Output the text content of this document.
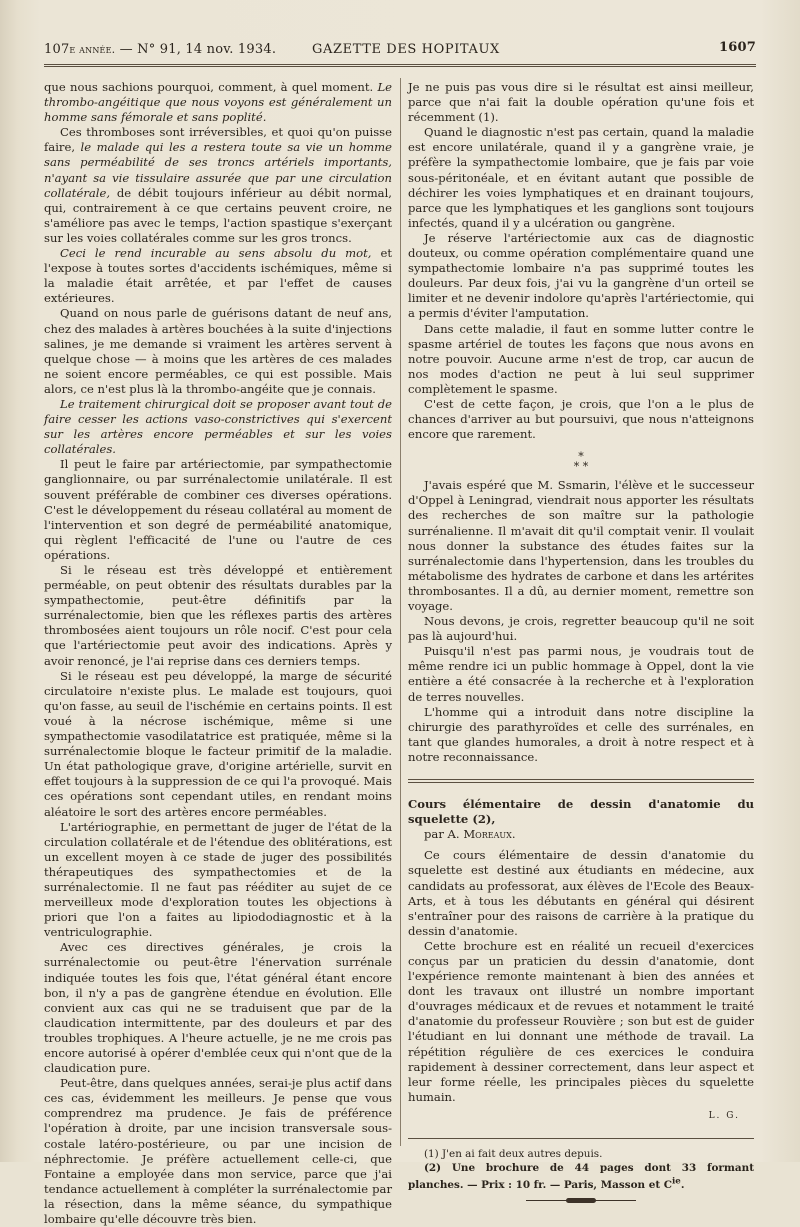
107e année. — N° 91, 14 nov. 1934.	GAZETTE DES HOPITAUX	1607

que nous sachions pourquoi, comment, à quel moment. Le thrombo-angéitique que nous voyons est généralement un homme sans fémorale et sans poplité.

Ces thromboses sont irréversibles, et quoi qu'on puisse faire, le malade qui les a restera toute sa vie un homme sans perméabilité de ses troncs artériels importants, n'ayant sa vie tissulaire assurée que par une circulation collatérale, de débit toujours inférieur au débit normal, qui, contrairement à ce que certains peuvent croire, ne s'améliore pas avec le temps, l'action spastique s'exerçant sur les voies collatérales comme sur les gros troncs.

Ceci le rend incurable au sens absolu du mot, et l'expose à toutes sortes d'accidents ischémiques, même si la maladie était arrêtée, et par l'effet de causes extérieures.

Quand on nous parle de guérisons datant de neuf ans, chez des malades à artères bouchées à la suite d'injections salines, je me demande si vraiment les artères servent à quelque chose — à moins que les artères de ces malades ne soient encore perméables, ce qui est possible. Mais alors, ce n'est plus là la thrombo-angéite que je connais.

Le traitement chirurgical doit se proposer avant tout de faire cesser les actions vaso-constrictives qui s'exercent sur les artères encore perméables et sur les voies collatérales.

Il peut le faire par artériectomie, par sympathectomie ganglionnaire, ou par surrénalectomie unilatérale. Il est souvent préférable de combiner ces diverses opérations. C'est le développement du réseau collatéral au moment de l'intervention et son degré de perméabilité anatomique, qui règlent l'efficacité de l'une ou l'autre de ces opérations.

Si le réseau est très développé et entièrement perméable, on peut obtenir des résultats durables par la sympathectomie, peut-être définitifs par la surrénalectomie, bien que les réflexes partis des artères thrombosées aient toujours un rôle nocif. C'est pour cela que l'artériectomie peut avoir des indications. Après y avoir renoncé, je l'ai reprise dans ces derniers temps.

Si le réseau est peu développé, la marge de sécurité circulatoire n'existe plus. Le malade est toujours, quoi qu'on fasse, au seuil de l'ischémie en certains points. Il est voué à la nécrose ischémique, même si une sympathectomie vasodilatatrice est pratiquée, même si la surrénalectomie bloque le facteur primitif de la maladie. Un état pathologique grave, d'origine artérielle, survit en effet toujours à la suppression de ce qui l'a provoqué. Mais ces opérations sont cependant utiles, en rendant moins aléatoire le sort des artères encore perméables.

L'artériographie, en permettant de juger de l'état de la circulation collatérale et de l'étendue des oblitérations, est un excellent moyen à ce stade de juger des possibilités thérapeutiques des sympathectomies et de la surrénalectomie. Il ne faut pas rééditer au sujet de ce merveilleux mode d'exploration toutes les objections à priori que l'on a faites au lipiododiagnostic et à la ventriculographie.

Avec ces directives générales, je crois la surrénalectomie ou peut-être l'énervation surrénale indiquée toutes les fois que, l'état général étant encore bon, il n'y a pas de gangrène étendue en évolution. Elle convient aux cas qui ne se traduisent que par de la claudication intermittente, par des douleurs et par des troubles trophiques. A l'heure actuelle, je ne me crois pas encore autorisé à opérer d'emblée ceux qui n'ont que de la claudication pure.

Peut-être, dans quelques années, serai-je plus actif dans ces cas, évidemment les meilleurs. Je pense que vous comprendrez ma prudence. Je fais de préférence l'opération à droite, par une incision transversale sous-costale latéro-postérieure, ou par une incision de néphrectomie. Je préfère actuellement celle-ci, que Fontaine a employée dans mon service, parce que j'ai tendance actuellement à compléter la surrénalectomie par la résection, dans la même séance, du sympathique lombaire qu'elle découvre très bien.

Je ne puis pas vous dire si le résultat est ainsi meilleur, parce que n'ai fait la double opération qu'une fois et récemment (1).

Quand le diagnostic n'est pas certain, quand la maladie est encore unilatérale, quand il y a gangrène vraie, je préfère la sympathectomie lombaire, que je fais par voie sous-péritonéale, et en évitant autant que possible de déchirer les voies lymphatiques et en drainant toujours, parce que les lymphatiques et les ganglions sont toujours infectés, quand il y a ulcération ou gangrène.

Je réserve l'artériectomie aux cas de diagnostic douteux, ou comme opération complémentaire quand une sympathectomie lombaire n'a pas supprimé toutes les douleurs. Par deux fois, j'ai vu la gangrène d'un orteil se limiter et ne devenir indolore qu'après l'artériectomie, qui a permis d'éviter l'amputation.

Dans cette maladie, il faut en somme lutter contre le spasme artériel de toutes les façons que nous avons en notre pouvoir. Aucune arme n'est de trop, car aucun de nos modes d'action ne peut à lui seul supprimer complètement le spasme.

C'est de cette façon, je crois, que l'on a le plus de chances d'arriver au but poursuivi, que nous n'atteignons encore que rarement.

*
* *

J'avais espéré que M. Ssmarin, l'élève et le successeur d'Oppel à Leningrad, viendrait nous apporter les résultats des recherches de son maître sur la pathologie surrénalienne. Il m'avait dit qu'il comptait venir. Il voulait nous donner la substance des études faites sur la surrénalectomie dans l'hypertension, dans les troubles du métabolisme des hydrates de carbone et dans les artérites thrombosantes. Il a dû, au dernier moment, remettre son voyage.

Nous devons, je crois, regretter beaucoup qu'il ne soit pas là aujourd'hui.

Puisqu'il n'est pas parmi nous, je voudrais tout de même rendre ici un public hommage à Oppel, dont la vie entière a été consacrée à la recherche et à l'exploration de terres nouvelles.

L'homme qui a introduit dans notre discipline la chirurgie des parathyroïdes et celle des surrénales, en tant que glandes humorales, a droit à notre respect et à notre reconnaissance.

Cours élémentaire de dessin d'anatomie du squelette (2),

par A. Moreaux.

Ce cours élémentaire de dessin d'anatomie du squelette est destiné aux étudiants en médecine, aux candidats au professorat, aux élèves de l'Ecole des Beaux-Arts, et à tous les débutants en général qui désirent s'entraîner pour des raisons de carrière à la pratique du dessin d'anatomie.

Cette brochure est en réalité un recueil d'exercices conçus par un praticien du dessin d'anatomie, dont l'expérience remonte maintenant à bien des années et dont les travaux ont illustré un nombre important d'ouvrages médicaux et de revues et notamment le traité d'anatomie du professeur Rouvière ; son but est de guider l'étudiant en lui donnant une méthode de travail. La répétition régulière de ces exercices le conduira rapidement à dessiner correctement, dans leur aspect et leur forme réelle, les principales pièces du squelette humain.

L. G.

(1) J'en ai fait deux autres depuis.

(2) Une brochure de 44 pages dont 33 formant planches. — Prix : 10 fr. — Paris, Masson et $C^{ie}$.
